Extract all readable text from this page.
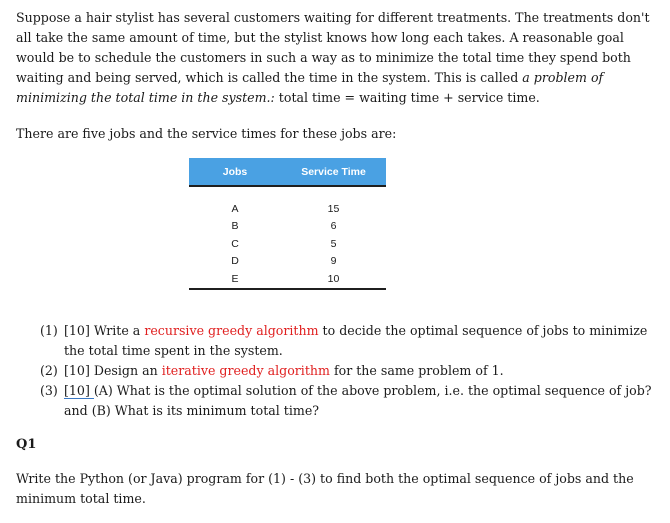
Suppose a hair stylist has several customers waiting for different treatments. The treatments don't all take the same amount of time, but the stylist knows how long each takes. A reasonable goal would be to schedule the customers in such a way as to minimize the total time they spend both waiting and being served, which is called the time in the system. This is called a problem of minimizing the total time in the system.: total time = waiting time + service time.

There are five jobs and the service times for these jobs are:

Jobs	Service Time
A	15
B	6
C	5
D	9
E	10
(1) [10] Write a recursive greedy algorithm to decide the optimal sequence of jobs to minimize the total time spent in the system.
(2) [10] Design an iterative greedy algorithm for the same problem of 1.
(3) [10] (A) What is the optimal solution of the above problem, i.e. the optimal sequence of job? and (B) What is its minimum total time?
Q1

Write the Python (or Java) program for (1) - (3) to find both the optimal sequence of jobs and the minimum total time.
